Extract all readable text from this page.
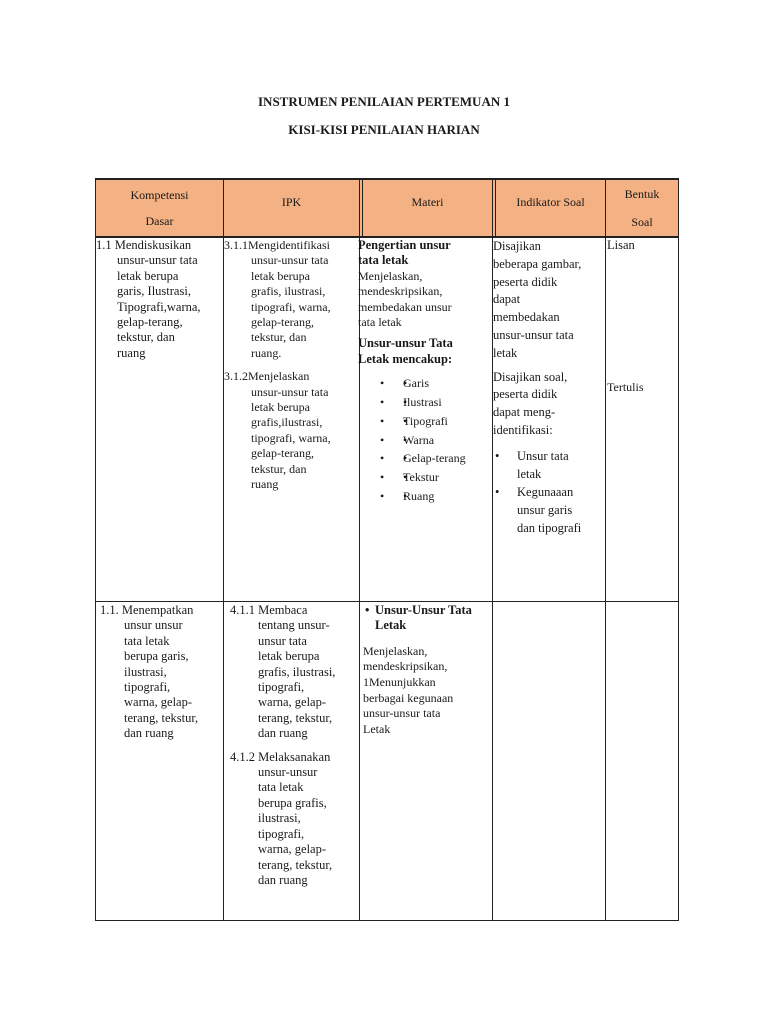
INSTRUMEN PENILAIAN PERTEMUAN 1
KISI-KISI PENILAIAN HARIAN
Kompetensi
Dasar
IPK	Materi	Indikator Soal
Bentuk
Soal
1.1 Mendiskusikan
unsur-unsur tata
letak berupa
garis, Ilustrasi,
Tipografi,warna,
gelap-terang,
tekstur, dan
ruang
3.1.1Mengidentifikasi
unsur-unsur tata
letak berupa
grafis, ilustrasi,
tipografi, warna,
gelap-terang,
tekstur, dan
ruang.
3.1.2Menjelaskan
unsur-unsur tata
letak berupa
grafis,ilustrasi,
tipografi, warna,
gelap-terang,
tekstur, dan
ruang
Pengertian unsur
tata letak
Menjelaskan,
mendeskripsikan,
membedakan unsur
tata letak
Unsur-unsur Tata
Letak mencakup:
• • Garis
• • Ilustrasi
• • Tipografi
• • Warna
• • Gelap-terang
• • Tekstur
• • Ruang
Disajikan
beberapa gambar,
peserta didik
dapat
membedakan
unsur-unsur tata
letak
Disajikan soal,
peserta didik
dapat meng-
identifikasi:
• Unsur tata
letak
• Kegunaaan
unsur garis
dan tipografi
Lisan
Tertulis
1.1. Menempatkan
unsur unsur
tata letak
berupa garis,
ilustrasi,
tipografi,
warna, gelap-
terang, tekstur,
dan ruang
4.1.1 Membaca
tentang unsur-
unsur tata
letak berupa
grafis, ilustrasi,
tipografi,
warna, gelap-
terang, tekstur,
dan ruang
4.1.2 Melaksanakan
unsur-unsur
tata letak
berupa grafis,
ilustrasi,
tipografi,
warna, gelap-
terang, tekstur,
dan ruang
• Unsur-Unsur Tata
Letak
Menjelaskan,
mendeskripsikan,
1Menunjukkan
berbagai kegunaan
unsur-unsur tata
Letak
